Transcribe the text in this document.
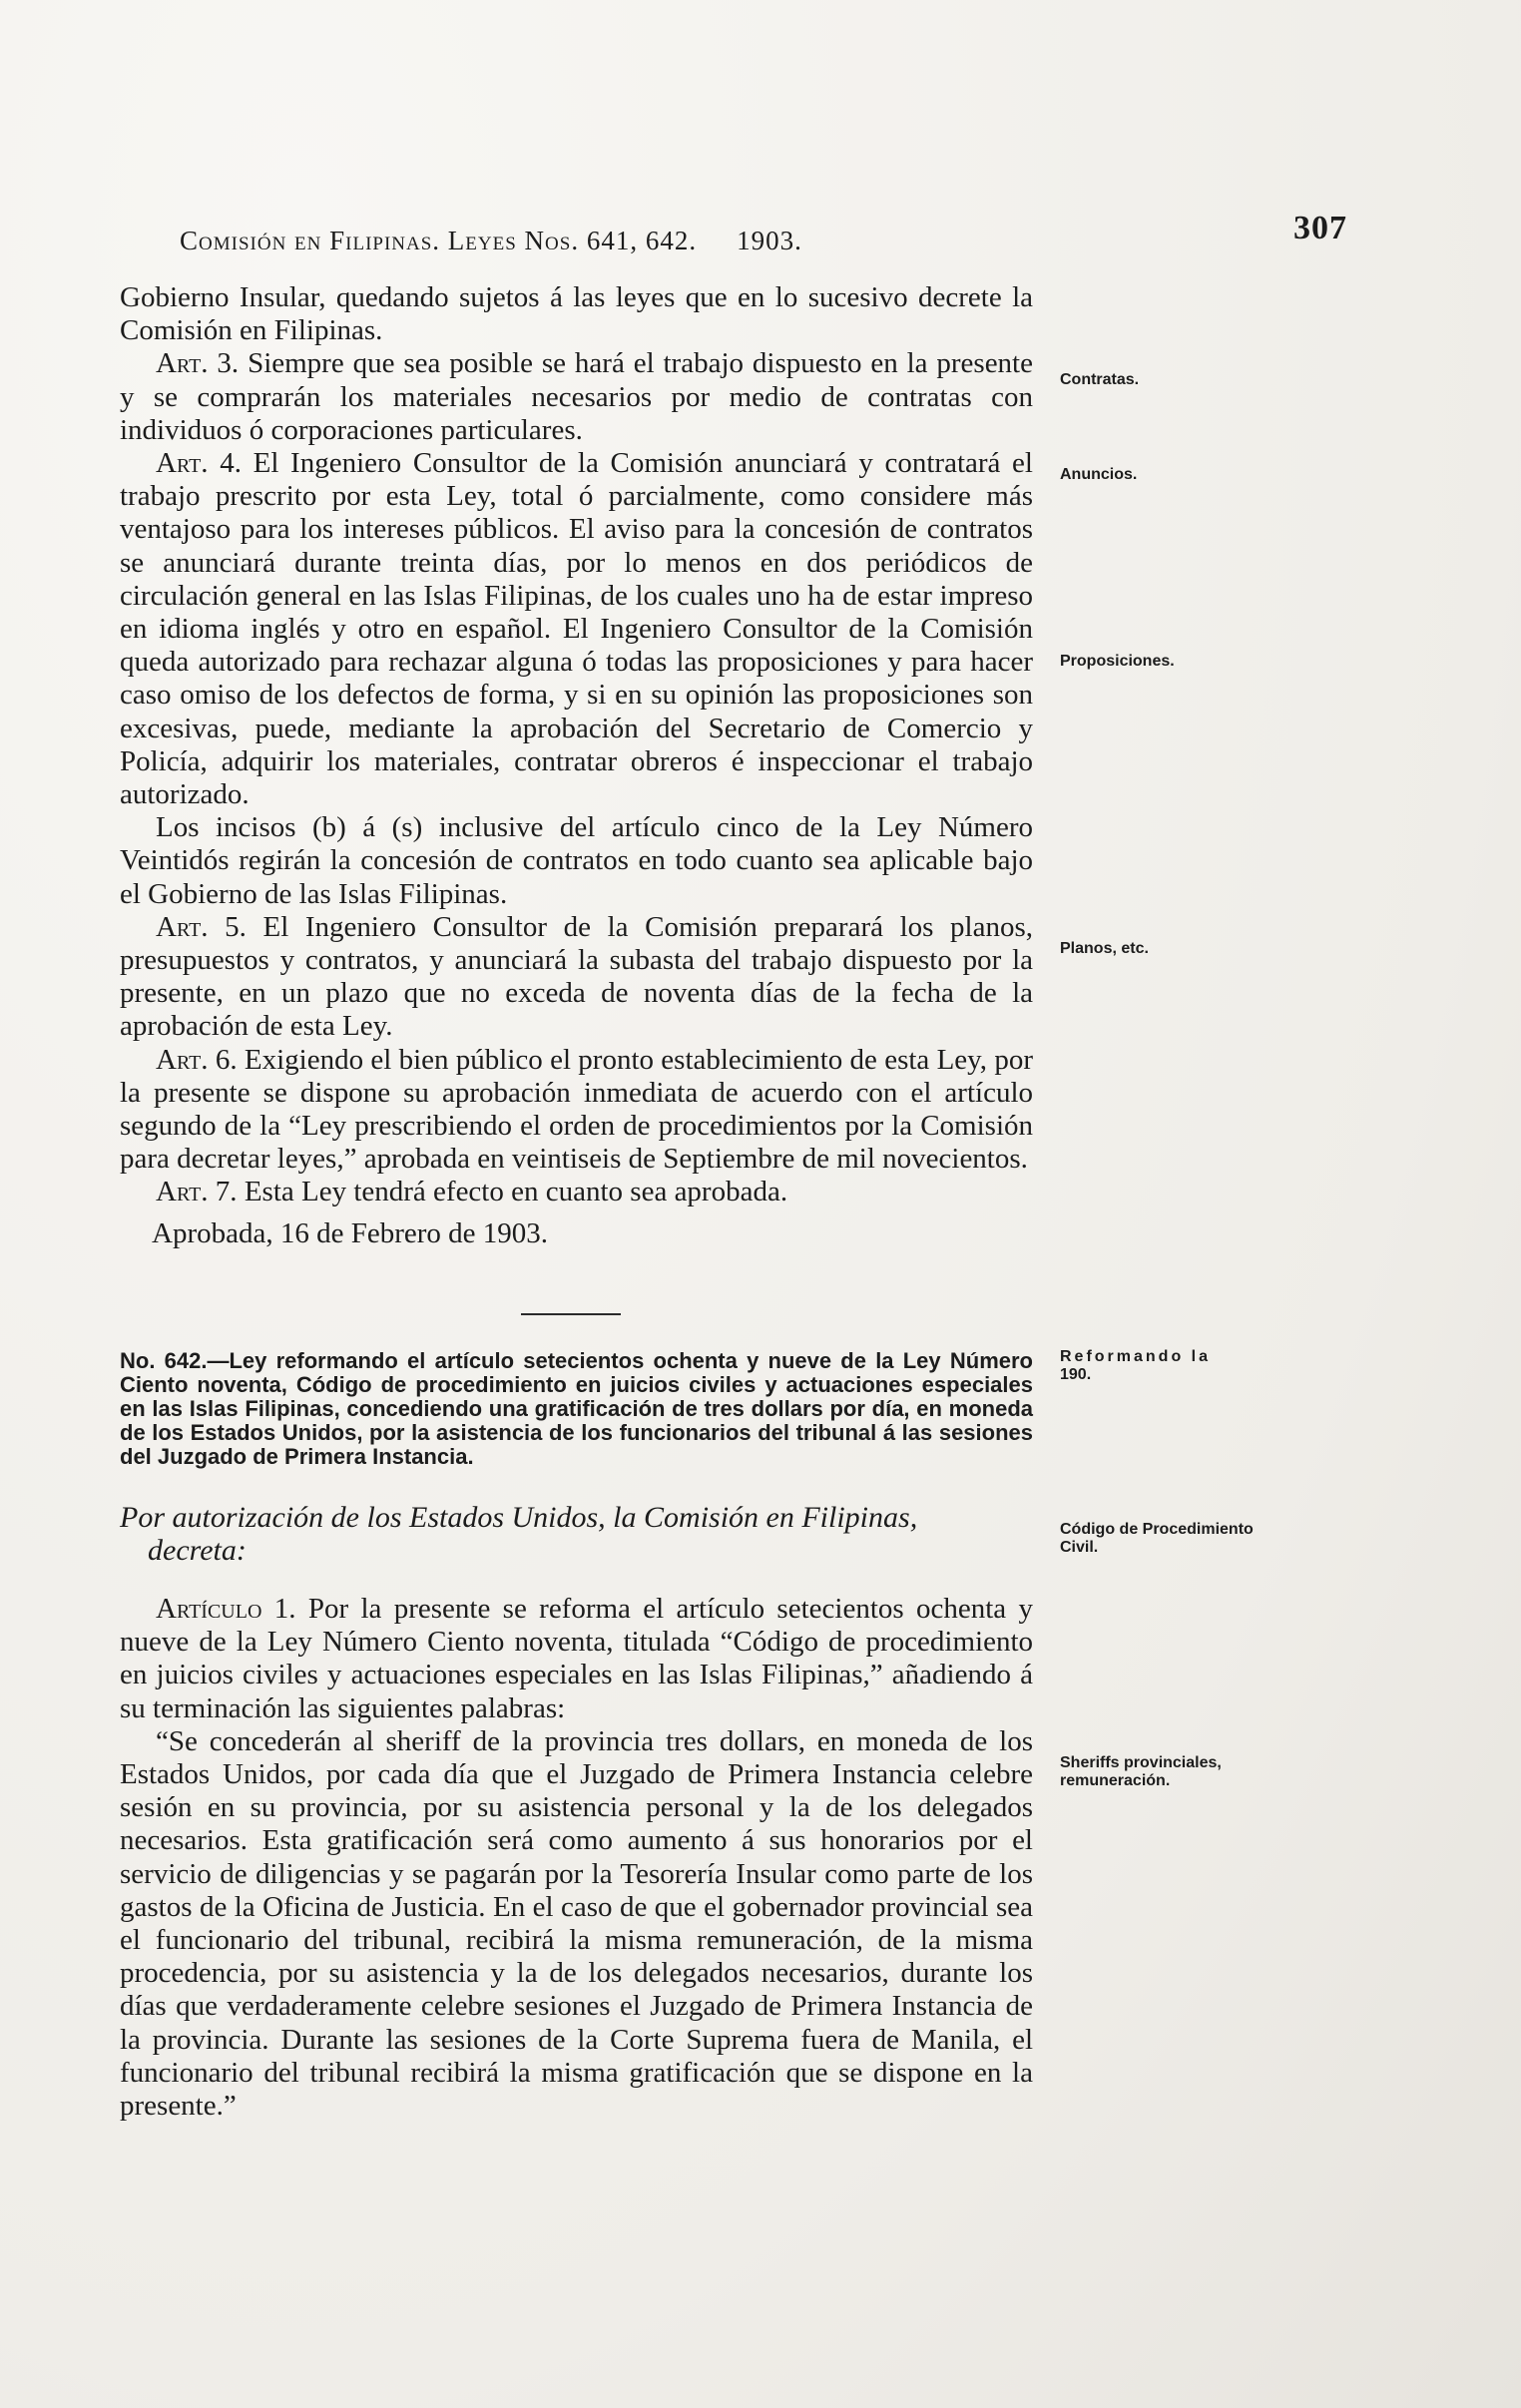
Comisión en Filipinas. Leyes Nos. 641, 642. 1903.	307

Gobierno Insular, quedando sujetos á las leyes que en lo sucesivo decrete la Comisión en Filipinas.

Art. 3. Siempre que sea posible se hará el trabajo dispuesto en la presente y se comprarán los materiales necesarios por medio de contratas con individuos ó corporaciones particulares.

Art. 4. El Ingeniero Consultor de la Comisión anunciará y contratará el trabajo prescrito por esta Ley, total ó parcialmente, como considere más ventajoso para los intereses públicos. El aviso para la concesión de contratos se anunciará durante treinta días, por lo menos en dos periódicos de circulación general en las Islas Filipinas, de los cuales uno ha de estar impreso en idioma inglés y otro en español. El Ingeniero Consultor de la Comisión queda autorizado para rechazar alguna ó todas las proposiciones y para hacer caso omiso de los defectos de forma, y si en su opinión las proposiciones son excesivas, puede, mediante la aprobación del Secretario de Comercio y Policía, adquirir los materiales, contratar obreros é inspeccionar el trabajo autorizado.

Los incisos (b) á (s) inclusive del artículo cinco de la Ley Número Veintidós regirán la concesión de contratos en todo cuanto sea aplicable bajo el Gobierno de las Islas Filipinas.

Art. 5. El Ingeniero Consultor de la Comisión preparará los planos, presupuestos y contratos, y anunciará la subasta del trabajo dispuesto por la presente, en un plazo que no exceda de noventa días de la fecha de la aprobación de esta Ley.

Art. 6. Exigiendo el bien público el pronto establecimiento de esta Ley, por la presente se dispone su aprobación inmediata de acuerdo con el artículo segundo de la “Ley prescribiendo el orden de procedimientos por la Comisión para decretar leyes,” aprobada en veintiseis de Septiembre de mil novecientos.

Art. 7. Esta Ley tendrá efecto en cuanto sea aprobada.

Aprobada, 16 de Febrero de 1903.

No. 642.—Ley reformando el artículo setecientos ochenta y nueve de la Ley Número Ciento noventa, Código de procedimiento en juicios civiles y actuaciones especiales en las Islas Filipinas, concediendo una gratificación de tres dollars por día, en moneda de los Estados Unidos, por la asistencia de los funcionarios del tribunal á las sesiones del Juzgado de Primera Instancia.

Por autorización de los Estados Unidos, la Comisión en Filipinas,
decreta:

Artículo 1. Por la presente se reforma el artículo setecientos ochenta y nueve de la Ley Número Ciento noventa, titulada “Código de procedimiento en juicios civiles y actuaciones especiales en las Islas Filipinas,” añadiendo á su terminación las siguientes palabras:

“Se concederán al sheriff de la provincia tres dollars, en moneda de los Estados Unidos, por cada día que el Juzgado de Primera Instancia celebre sesión en su provincia, por su asistencia personal y la de los delegados necesarios. Esta gratificación será como aumento á sus honorarios por el servicio de diligencias y se pagarán por la Tesorería Insular como parte de los gastos de la Oficina de Justicia. En el caso de que el gobernador provincial sea el funcionario del tribunal, recibirá la misma remuneración, de la misma procedencia, por su asistencia y la de los delegados necesarios, durante los días que verdaderamente celebre sesiones el Juzgado de Primera Instancia de la provincia. Durante las sesiones de la Corte Suprema fuera de Manila, el funcionario del tribunal recibirá la misma gratificación que se dispone en la presente.”

Contratas.
Anuncios.
Proposiciones.
Planos, etc.
Reformando la
190.
Código de Procedimiento Civil.
Sheriffs provinciales, remuneración.
